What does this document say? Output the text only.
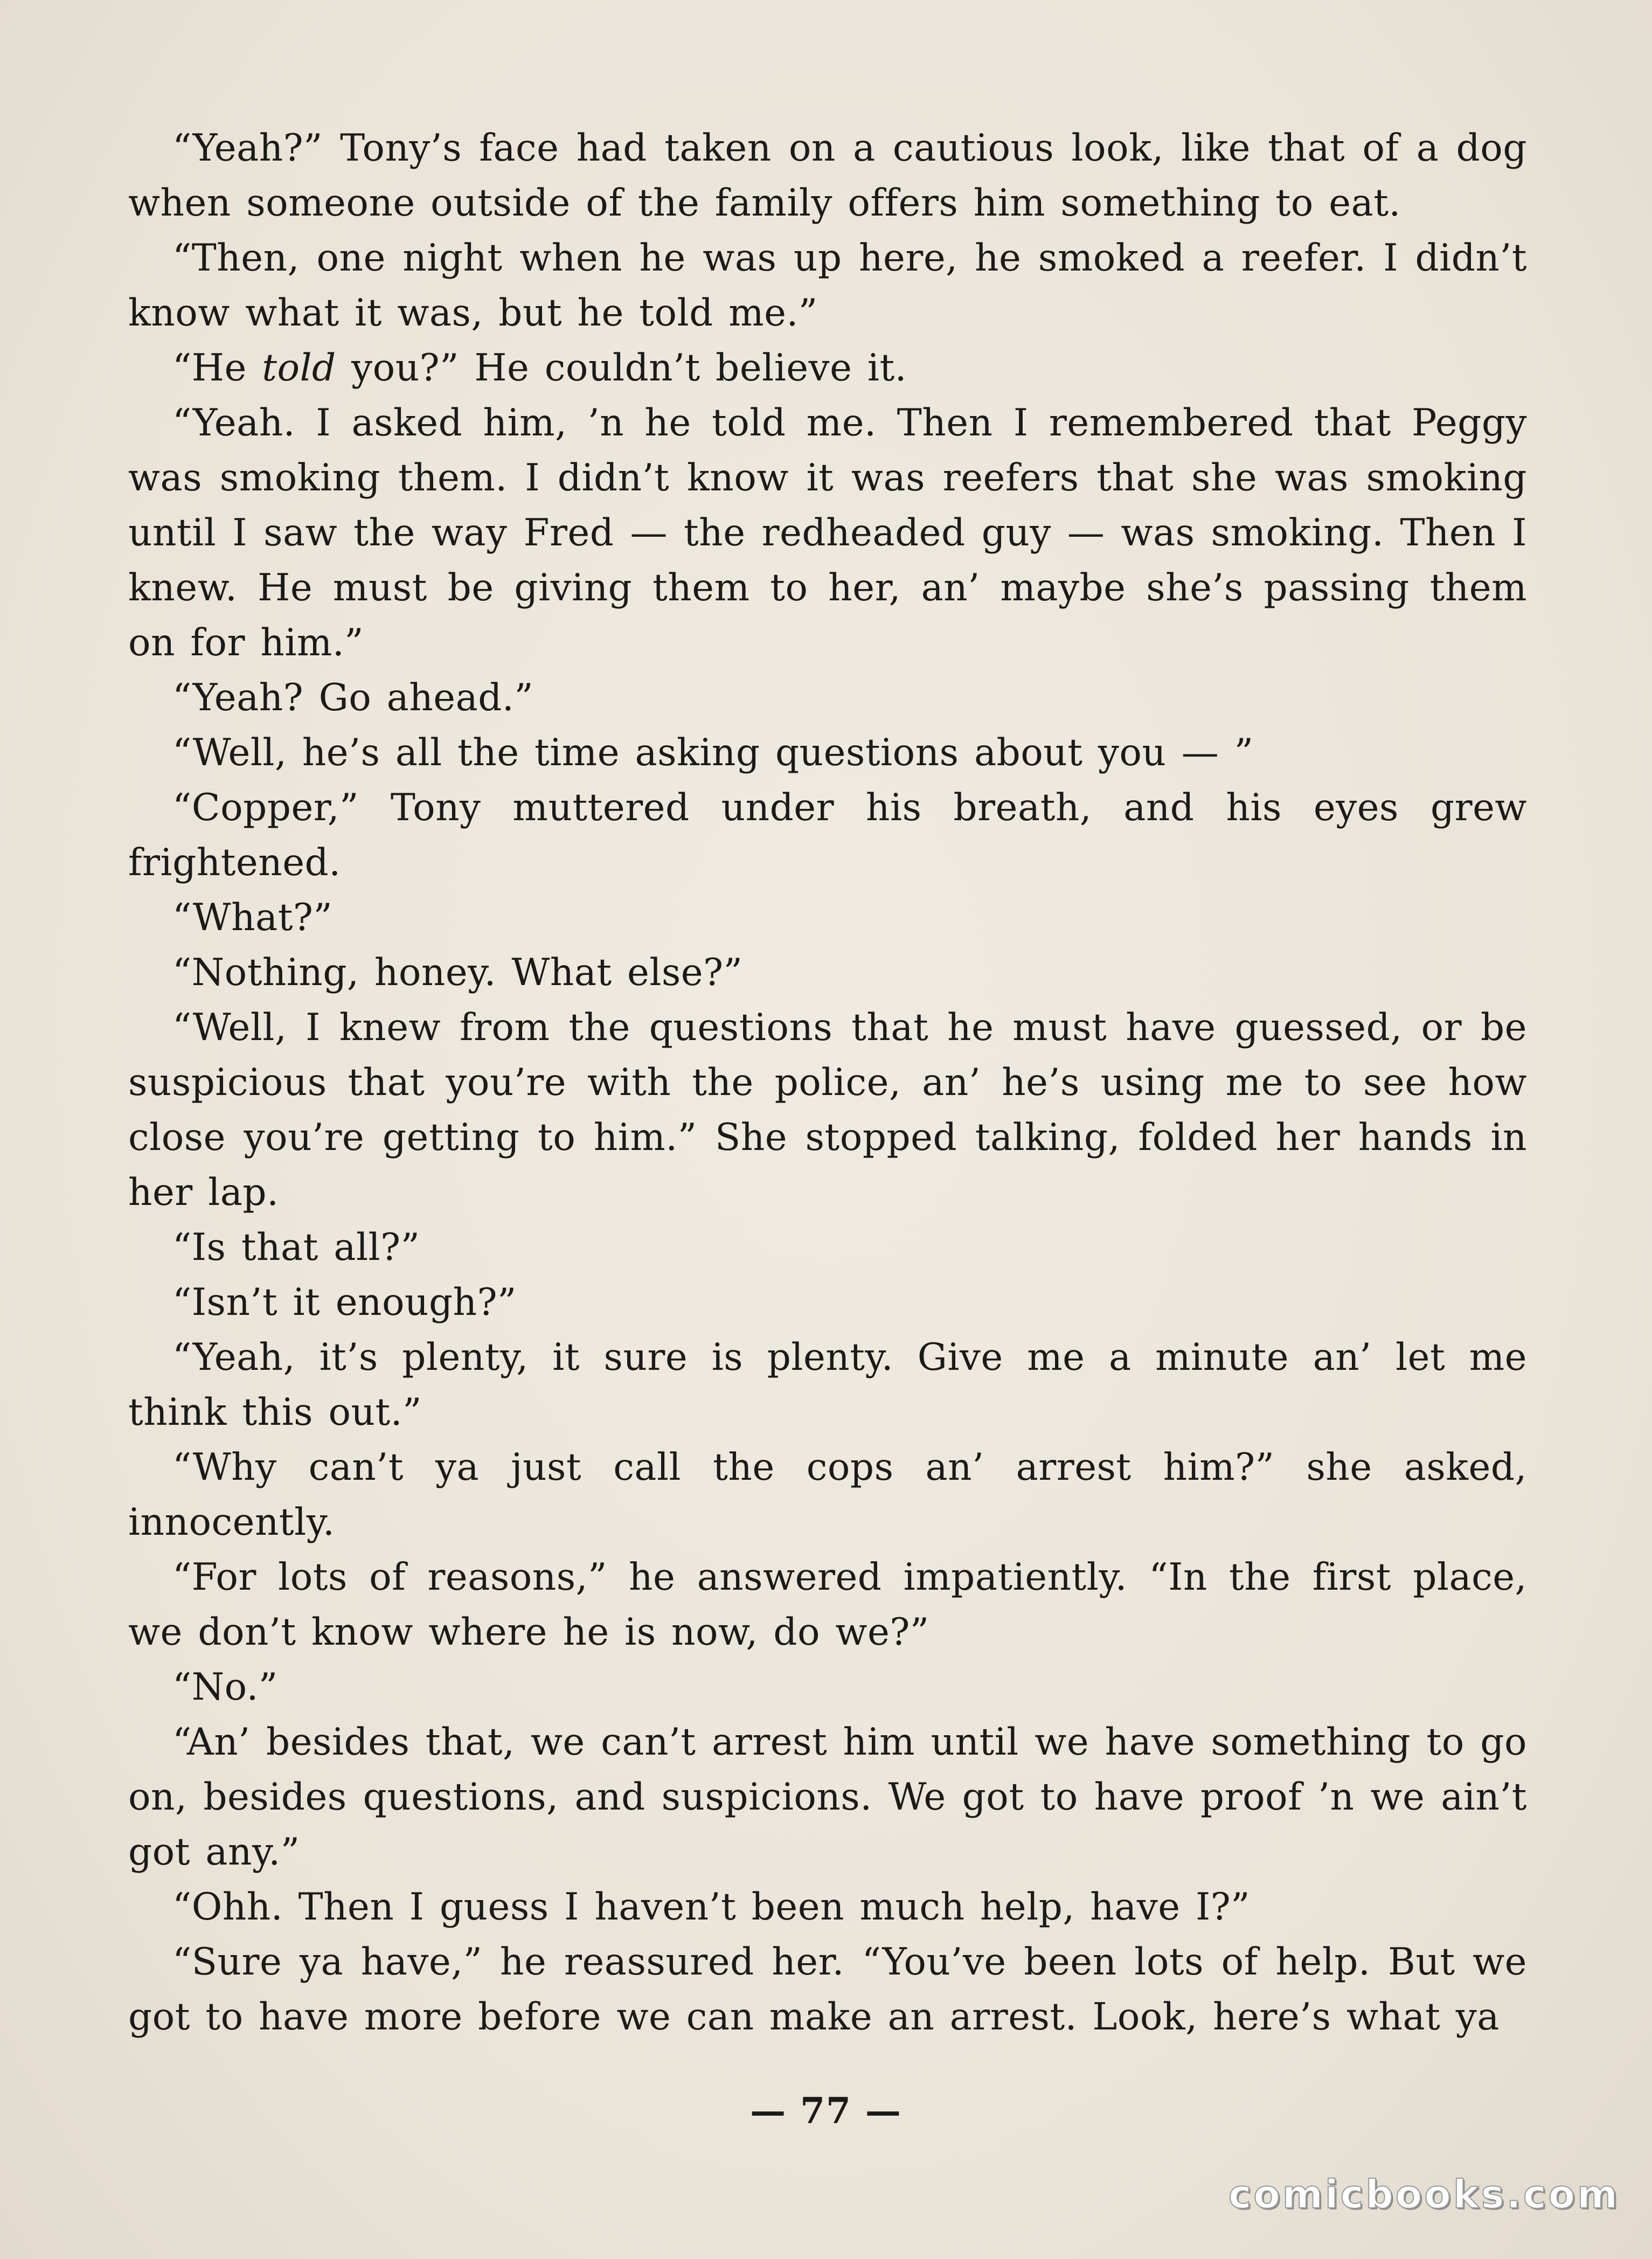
“Yeah?” Tony’s face had taken on a cautious look, like that of a dog when someone outside of the family offers him something to eat.

“Then, one night when he was up here, he smoked a reefer. I didn’t know what it was, but he told me.”

“He told you?” He couldn’t believe it.

“Yeah. I asked him, ’n he told me. Then I remembered that Peggy was smoking them. I didn’t know it was reefers that she was smoking until I saw the way Fred — the redheaded guy — was smoking. Then I knew. He must be giving them to her, an’ maybe she’s passing them on for him.”

“Yeah? Go ahead.”

“Well, he’s all the time asking questions about you — ”

“Copper,” Tony muttered under his breath, and his eyes grew frightened.

“What?”

“Nothing, honey. What else?”

“Well, I knew from the questions that he must have guessed, or be suspicious that you’re with the police, an’ he’s using me to see how close you’re getting to him.” She stopped talking, folded her hands in her lap.

“Is that all?”

“Isn’t it enough?”

“Yeah, it’s plenty, it sure is plenty. Give me a minute an’ let me think this out.”

“Why can’t ya just call the cops an’ arrest him?” she asked, innocently.

“For lots of reasons,” he answered impatiently. “In the first place, we don’t know where he is now, do we?”

“No.”

“An’ besides that, we can’t arrest him until we have something to go on, besides questions, and suspicions. We got to have proof ’n we ain’t got any.”

“Ohh. Then I guess I haven’t been much help, have I?”

“Sure ya have,” he reassured her. “You’ve been lots of help. But we got to have more before we can make an arrest. Look, here’s what ya

— 77 —
comicbooks.com
